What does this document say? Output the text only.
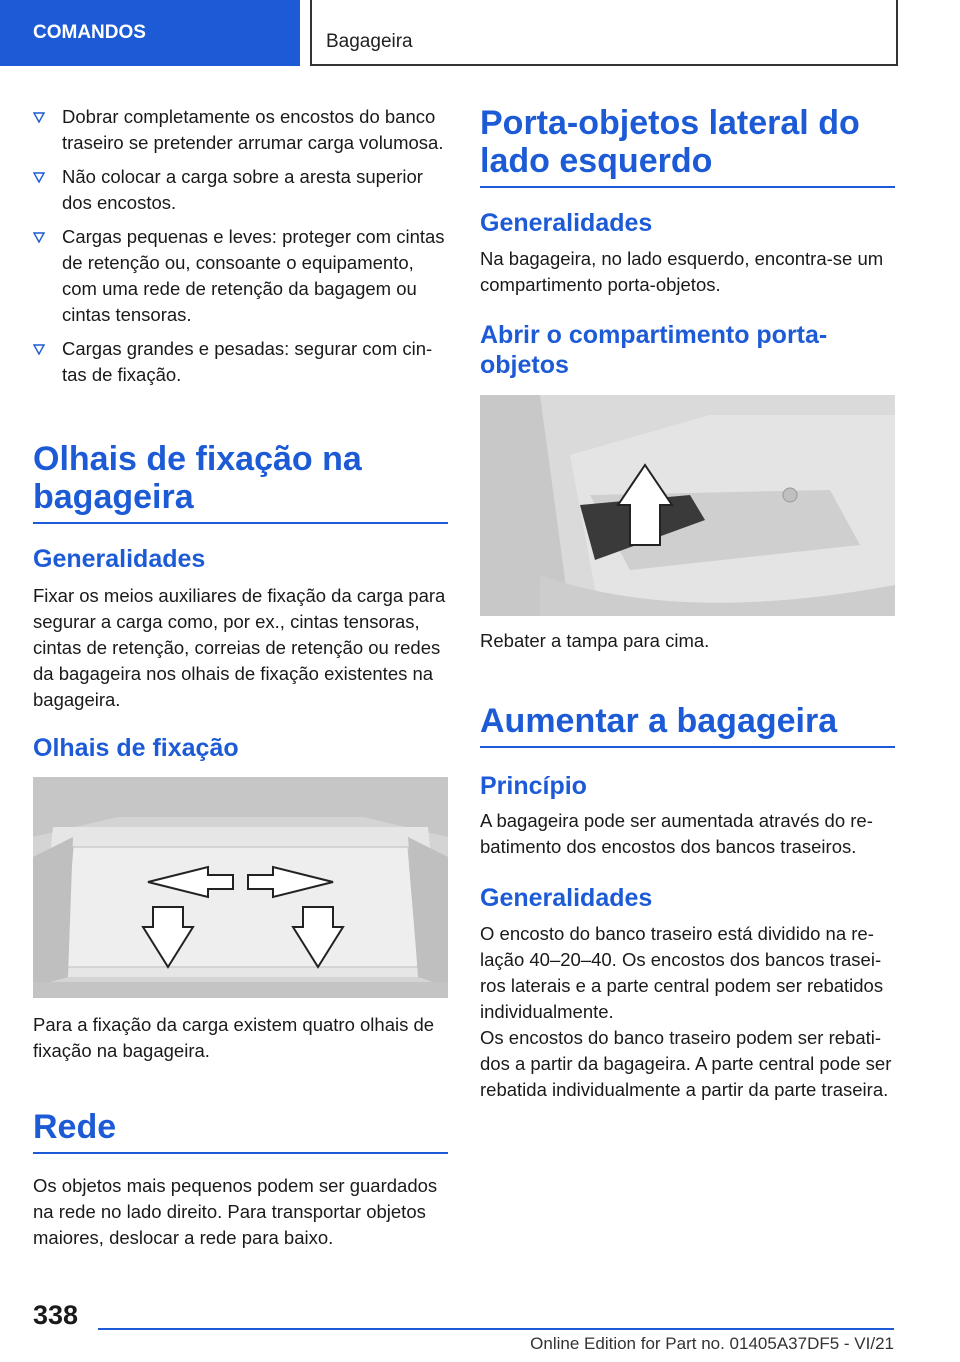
COMANDOS	Bagageira
Dobrar completamente os encostos do banco traseiro se pretender arrumar carga volumosa.
Não colocar a carga sobre a aresta superior dos encostos.
Cargas pequenas e leves: proteger com cintas de retenção ou, consoante o equipamento, com uma rede de retenção da bagagem ou cintas tensoras.
Cargas grandes e pesadas: segurar com cintas de fixação.
Olhais de fixação na bagageira
Generalidades

Fixar os meios auxiliares de fixação da carga para segurar a carga como, por ex., cintas tensoras, cintas de retenção, correias de retenção ou redes da bagageira nos olhais de fixação existentes na bagageira.

Olhais de fixação

Para a fixação da carga existem quatro olhais de fixação na bagageira.

Rede

Os objetos mais pequenos podem ser guardados na rede no lado direito. Para transportar objetos maiores, deslocar a rede para baixo.

Porta-objetos lateral do lado esquerdo
Generalidades

Na bagageira, no lado esquerdo, encontra-se um compartimento porta-objetos.

Abrir o compartimento porta-objetos

Rebater a tampa para cima.

Aumentar a bagageira
Princípio

A bagageira pode ser aumentada através do rebatimento dos encostos dos bancos traseiros.

Generalidades

O encosto do banco traseiro está dividido na relação 40–20–40. Os encostos dos bancos traseiros laterais e a parte central podem ser rebatidos individualmente.

Os encostos do banco traseiro podem ser rebatidos a partir da bagageira. A parte central pode ser rebatida individualmente a partir da parte traseira.

338
Online Edition for Part no. 01405A37DF5 - VI/21
